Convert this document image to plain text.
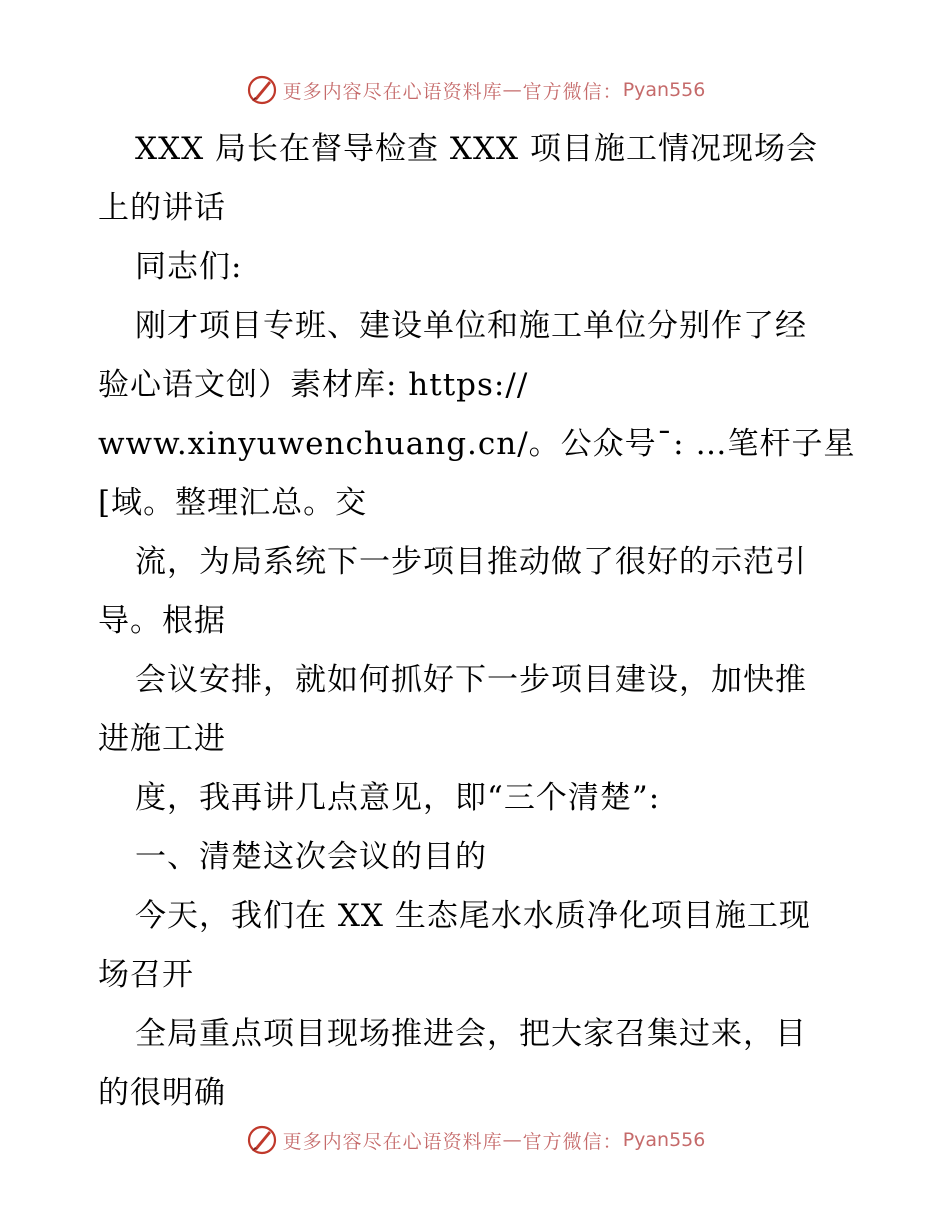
更多内容尽在心语资料库 — 官方微信： Pyan556
XXX 局长在督导检查 XXX 项目施工情况现场会
上的讲话
同志们:
刚才项目专班、建设单位和施工单位分别作了经
验心语文创）素材库: https://
www.xinyuwenchuang.cn/。公众号¯: …笔杆子星
[域。整理汇总。交
流，为局系统下一步项目推动做了很好的示范引
导。根据
会议安排，就如何抓好下一步项目建设，加快推
进施工进
度，我再讲几点意见，即“三个清楚”:
一、清楚这次会议的目的
今天，我们在 XX 生态尾水水质净化项目施工现
场召开
全局重点项目现场推进会，把大家召集过来，目
的很明确
更多内容尽在心语资料库 — 官方微信： Pyan556
